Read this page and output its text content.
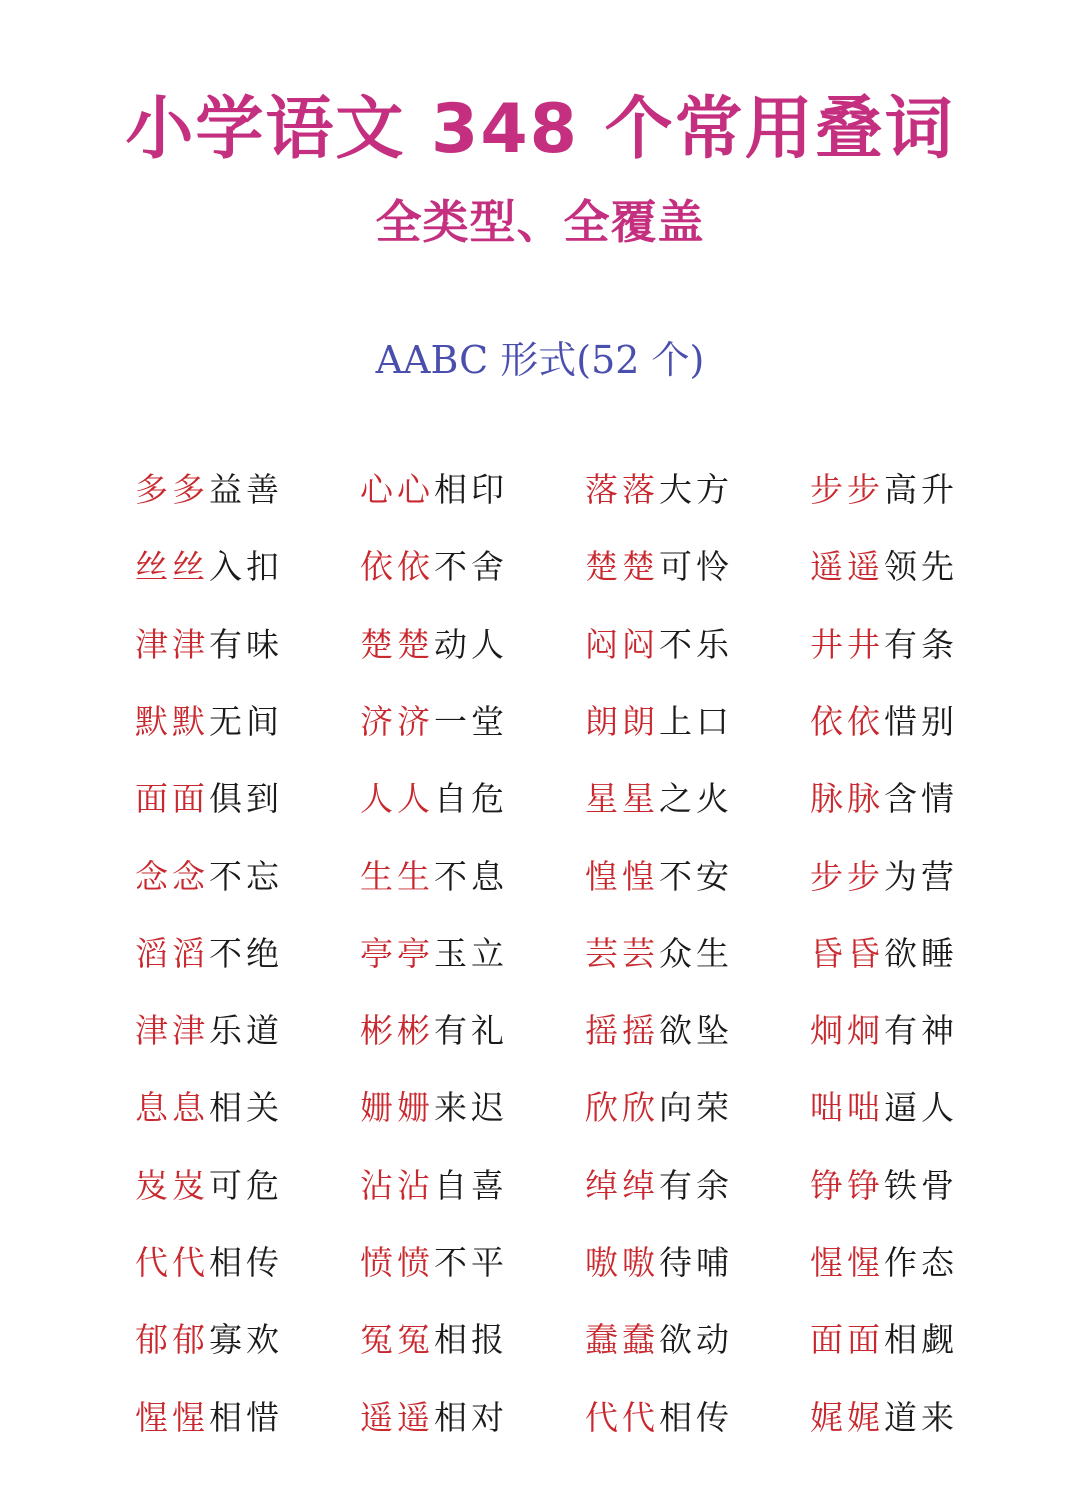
小学语文 348 个常用叠词
全类型、全覆盖
AABC 形式(52 个)
多多益善	心心相印	落落大方	步步高升
丝丝入扣	依依不舍	楚楚可怜	遥遥领先
津津有味	楚楚动人	闷闷不乐	井井有条
默默无间	济济一堂	朗朗上口	依依惜别
面面俱到	人人自危	星星之火	脉脉含情
念念不忘	生生不息	惶惶不安	步步为营
滔滔不绝	亭亭玉立	芸芸众生	昏昏欲睡
津津乐道	彬彬有礼	摇摇欲坠	炯炯有神
息息相关	姗姗来迟	欣欣向荣	咄咄逼人
岌岌可危	沾沾自喜	绰绰有余	铮铮铁骨
代代相传	愤愤不平	嗷嗷待哺	惺惺作态
郁郁寡欢	冤冤相报	蠢蠢欲动	面面相觑
惺惺相惜	遥遥相对	代代相传	娓娓道来
